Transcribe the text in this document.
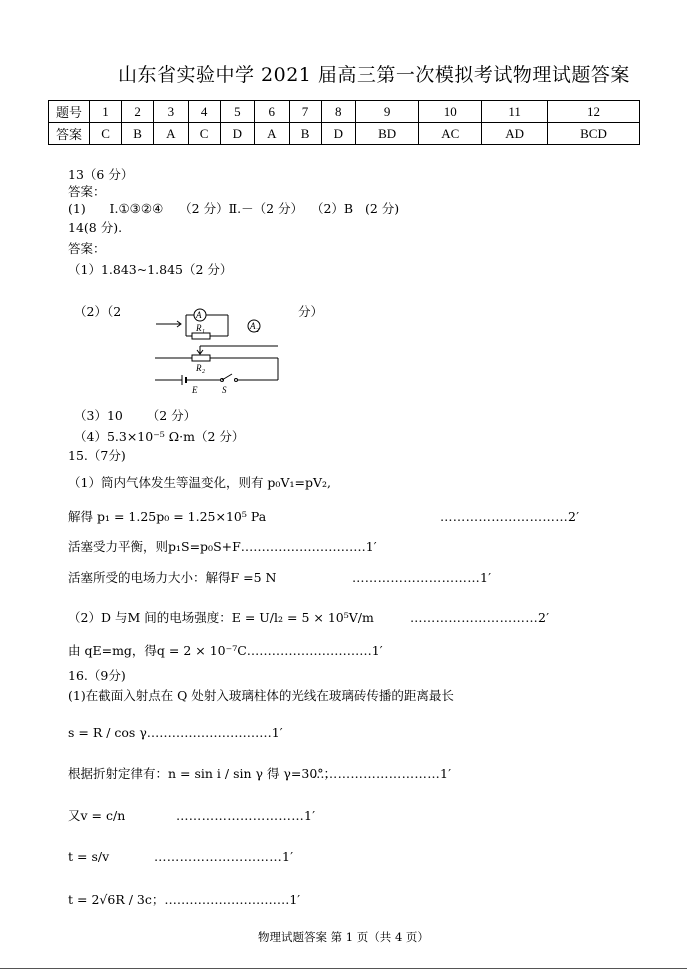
山东省实验中学 2021 届高三第一次模拟考试物理试题答案
题号	1	2	3	4	5	6	7	8	9	10	11	12
答案	C	B	A	C	D	A	B	D	BD	AC	AD	BCD
13（6 分）
答案：
(1)      Ⅰ.①③②④    （2 分）Ⅱ.－（2 分）  （2）B   (2 分)
14(8 分).
答案：
（1）1.843~1.845（2 分）
（2）（2	分）
A
A 2
R 1
R 2
E	S
（3）10      （2 分）
（4）5.3×10⁻⁵ Ω·m（2 分）
15.（7分)
（1）筒内气体发生等温变化，则有 p₀V₁=pV₂,
解得 p₁ = 1.25p₀ = 1.25×10⁵ Pa	…………………………2′
活塞受力平衡，则p₁S=p₀S+F…………………………1′
活塞所受的电场力大小：解得F =5 N	…………………………1′
（2）D 与M 间的电场强度：E = U/l₂ = 5 × 10⁵V/m	…………………………2′
由 qE=mg，得q = 2 × 10⁻⁷C…………………………1′
16.（9分)
(1)在截面入射点在 Q 处射入玻璃柱体的光线在玻璃砖传播的距离最长
s = R / cos γ…………………………1′
根据折射定律有：n = sin i / sin γ 得 γ=30°；
…………………………1′
又v = c/n	…………………………1′
t = s/v	…………………………1′
t = 2√6R / 3c；…………………………1′
物理试题答案 第 1 页（共 4 页）
